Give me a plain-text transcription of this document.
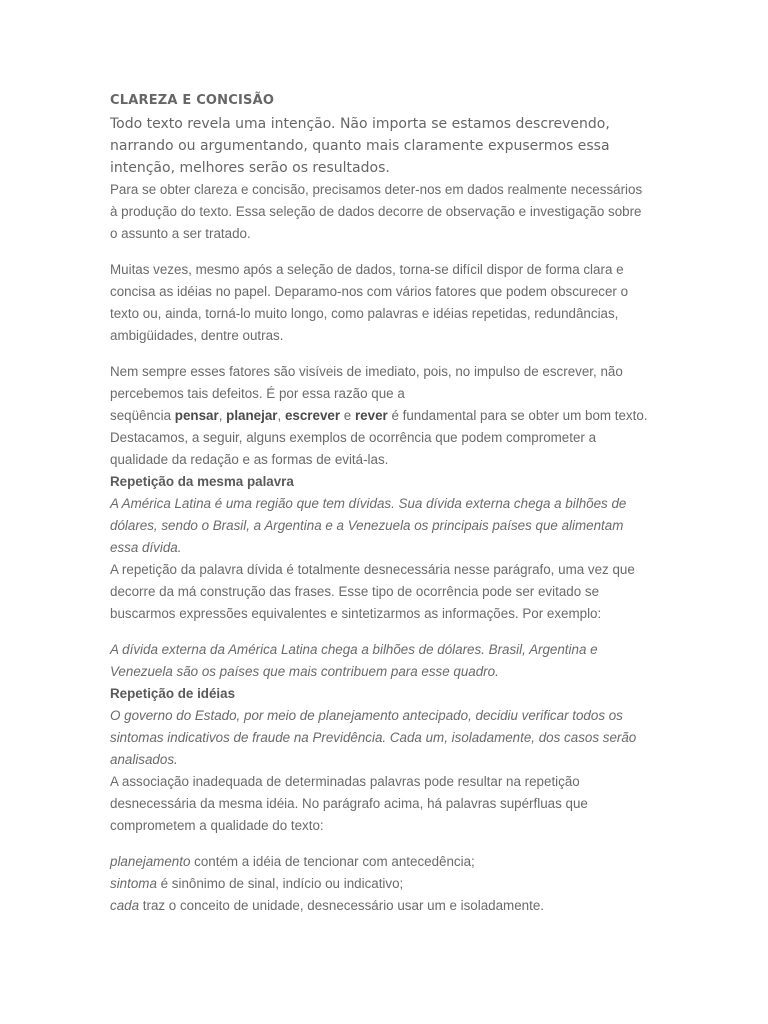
CLAREZA E CONCISÃO
Todo texto revela uma intenção. Não importa se estamos descrevendo,
narrando ou argumentando, quanto mais claramente expusermos essa
intenção, melhores serão os resultados.
Para se obter clareza e concisão, precisamos deter-nos em dados realmente necessários
à produção do texto. Essa seleção de dados decorre de observação e investigação sobre
o assunto a ser tratado.
Muitas vezes, mesmo após a seleção de dados, torna-se difícil dispor de forma clara e
concisa as idéias no papel. Deparamo-nos com vários fatores que podem obscurecer o
texto ou, ainda, torná-lo muito longo, como palavras e idéias repetidas, redundâncias,
ambigüidades, dentre outras.
Nem sempre esses fatores são visíveis de imediato, pois, no impulso de escrever, não
percebemos tais defeitos. É por essa razão que a
seqüência pensar, planejar, escrever e rever é fundamental para se obter um bom texto.
Destacamos, a seguir, alguns exemplos de ocorrência que podem comprometer a
qualidade da redação e as formas de evitá-las.
Repetição da mesma palavra
A América Latina é uma região que tem dívidas. Sua dívida externa chega a bilhões de
dólares, sendo o Brasil, a Argentina e a Venezuela os principais países que alimentam
essa dívida.
A repetição da palavra dívida é totalmente desnecessária nesse parágrafo, uma vez que
decorre da má construção das frases. Esse tipo de ocorrência pode ser evitado se
buscarmos expressões equivalentes e sintetizarmos as informações. Por exemplo:
A dívida externa da América Latina chega a bilhões de dólares. Brasil, Argentina e
Venezuela são os países que mais contribuem para esse quadro.
Repetição de idéias
O governo do Estado, por meio de planejamento antecipado, decidiu verificar todos os
sintomas indicativos de fraude na Previdência. Cada um, isoladamente, dos casos serão
analisados.
A associação inadequada de determinadas palavras pode resultar na repetição
desnecessária da mesma idéia. No parágrafo acima, há palavras supérfluas que
comprometem a qualidade do texto:
planejamento contém a idéia de tencionar com antecedência;
sintoma é sinônimo de sinal, indício ou indicativo;
cada traz o conceito de unidade, desnecessário usar um e isoladamente.
